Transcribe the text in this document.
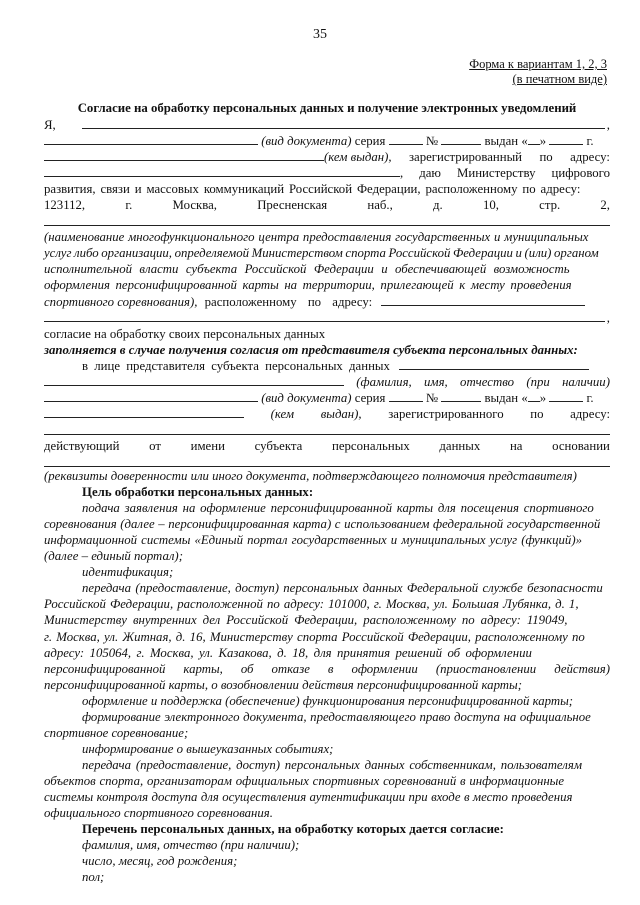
35
Форма к вариантам 1, 2, 3
(в печатном виде)
Согласие на обработку персональных данных и получение электронных уведомлений
Я,	,
(вид документа) серия	№	выдан « »	г.
(кем выдан), зарегистрированный по адресу:
, даю Министерству цифрового
развития, связи и массовых коммуникаций Российской Федерации, расположенному по адресу:
123112,	г.	Москва,	Пресненская	наб.,	д.	10,	стр.	2,
(наименование многофункционального центра предоставления государственных и муниципальных
услуг либо организации, определяемой Министерством спорта Российской Федерации и (или) органом
исполнительной власти субъекта Российской Федерации и обеспечивающей возможность
оформления персонифицированной карты на территории, прилегающей к месту проведения
спортивного соревнования), расположенному по адресу:
,
согласие на обработку своих персональных данных
заполняется в случае получения согласия от представителя субъекта персональных данных:
в лице представителя субъекта персональных данных
(фамилия, имя, отчество (при наличии)
(вид документа) серия	№	выдан « »	г.
(кем выдан), зарегистрированного по адресу:
действующий от имени субъекта персональных данных на основании
(реквизиты доверенности или иного документа, подтверждающего полномочия представителя)
Цель обработки персональных данных:
подача заявления на оформление персонифицированной карты для посещения спортивного
соревнования (далее – персонифицированная карта) с использованием федеральной государственной
информационной системы «Единый портал государственных и муниципальных услуг (функций)»
(далее – единый портал);
идентификация;
передача (предоставление, доступ) персональных данных Федеральной службе безопасности
Российской Федерации, расположенной по адресу: 101000, г. Москва, ул. Большая Лубянка, д. 1,
Министерству внутренних дел Российской Федерации, расположенному по адресу: 119049,
г. Москва, ул. Житная, д. 16, Министерству спорта Российской Федерации, расположенному по
адресу: 105064, г. Москва, ул. Казакова, д. 18, для принятия решений об оформлении
персонифицированной карты, об отказе в оформлении (приостановлении действия)
персонифицированной карты, о возобновлении действия персонифицированной карты;
оформление и поддержка (обеспечение) функционирования персонифицированной карты;
формирование электронного документа, предоставляющего право доступа на официальное
спортивное соревнование;
информирование о вышеуказанных событиях;
передача (предоставление, доступ) персональных данных собственникам, пользователям
объектов спорта, организаторам официальных спортивных соревнований в информационные
системы контроля доступа для осуществления аутентификации при входе в место проведения
официального спортивного соревнования.
Перечень персональных данных, на обработку которых дается согласие:
фамилия, имя, отчество (при наличии);
число, месяц, год рождения;
пол;
